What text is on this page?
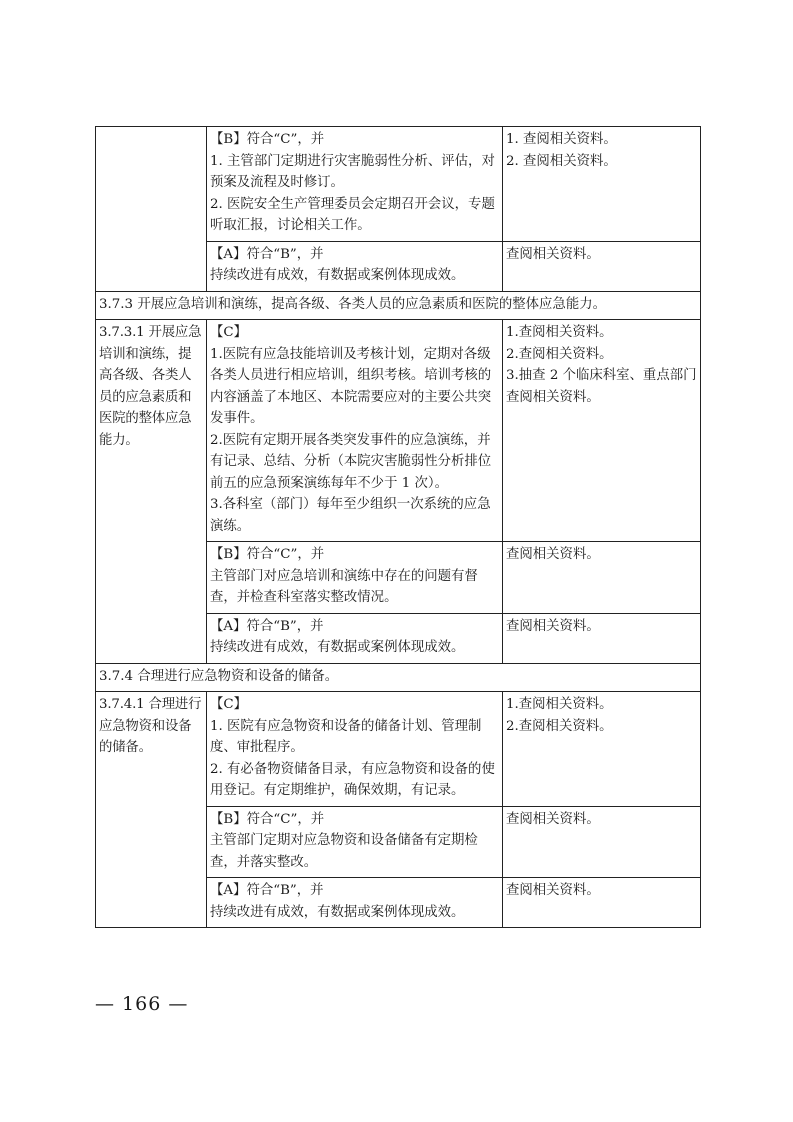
	【B】符合“C”，并
1. 主管部门定期进行灾害脆弱性分析、评估，对预案及流程及时修订。
2. 医院安全生产管理委员会定期召开会议，专题听取汇报，讨论相关工作。	1. 查阅相关资料。
2. 查阅相关资料。

	【A】符合“B”，并
持续改进有成效，有数据或案例体现成效。	查阅相关资料。

3.7.3 开展应急培训和演练，提高各级、各类人员的应急素质和医院的整体应急能力。		
3.7.3.1 开展应急培训和演练，提高各级、各类人员的应急素质和医院的整体应急能力。	【C】
1.医院有应急技能培训及考核计划，定期对各级各类人员进行相应培训，组织考核。培训考核的内容涵盖了本地区、本院需要应对的主要公共突发事件。
2.医院有定期开展各类突发事件的应急演练，并有记录、总结、分析（本院灾害脆弱性分析排位前五的应急预案演练每年不少于 1 次）。
3.各科室（部门）每年至少组织一次系统的应急演练。	1.查阅相关资料。
2.查阅相关资料。
3.抽查 2 个临床科室、重点部门查阅相关资料。

	【B】符合“C”，并
主管部门对应急培训和演练中存在的问题有督查，并检查科室落实整改情况。	查阅相关资料。

	【A】符合“B”，并
持续改进有成效，有数据或案例体现成效。	查阅相关资料。

3.7.4 合理进行应急物资和设备的储备。		
3.7.4.1 合理进行应急物资和设备的储备。	【C】
1. 医院有应急物资和设备的储备计划、管理制度、审批程序。
2. 有必备物资储备目录，有应急物资和设备的使用登记。有定期维护，确保效期，有记录。	1.查阅相关资料。
2.查阅相关资料。

	【B】符合“C”，并
主管部门定期对应急物资和设备储备有定期检查，并落实整改。	查阅相关资料。

	【A】符合“B”，并
持续改进有成效，有数据或案例体现成效。	查阅相关资料。
— 166 —
